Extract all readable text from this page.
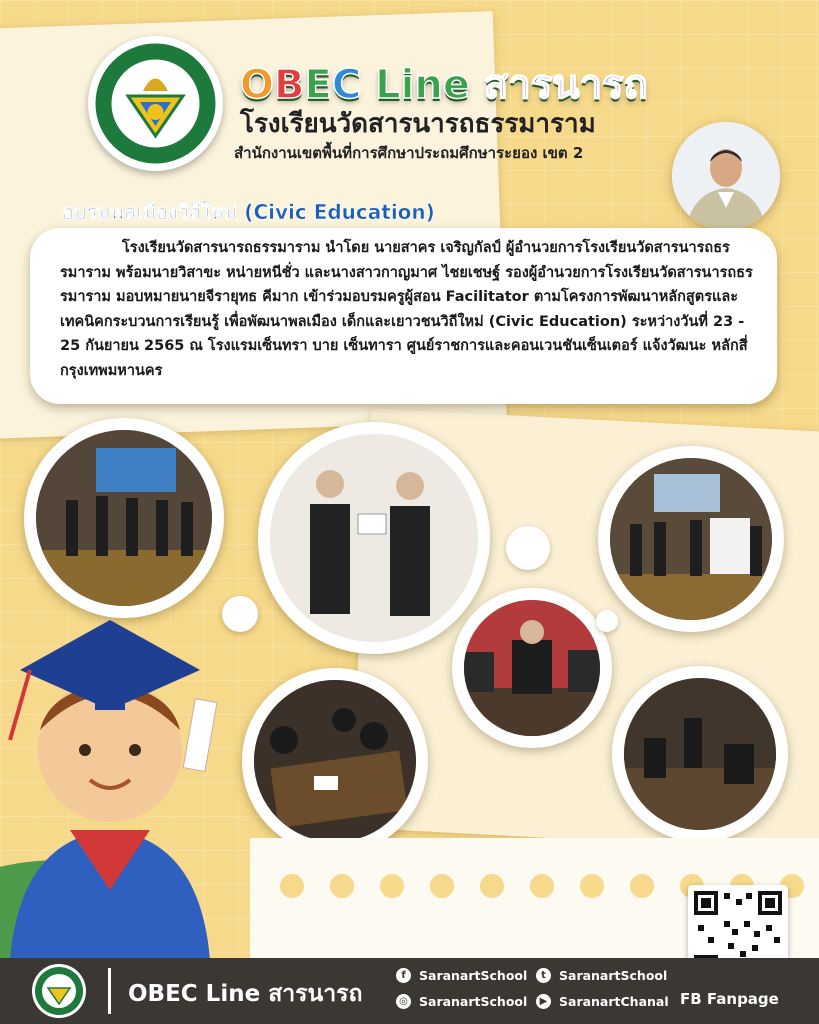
OBEC Line สารนารถ
โรงเรียนวัดสารนารถธรรมาราม
สำนักงานเขตพื้นที่การศึกษาประถมศึกษาระยอง เขต 2
อบรมพลเมืองวิถีใหม่ (Civic Education)

โรงเรียนวัดสารนารถธรรมาราม นำโดย นายสาคร เจริญกัลป์ ผู้อำนวยการโรงเรียนวัดสารนารถธรรมาราม พร้อมนายวิสาขะ หน่ายหนีชั่ว และนางสาวกาญมาศ ไชยเชษฐ์ รองผู้อำนวยการโรงเรียนวัดสารนารถธรรมาราม มอบหมายนายจีรายุทธ คีมาก เข้าร่วมอบรมครูผู้สอน Facilitator ตามโครงการพัฒนาหลักสูตรและเทคนิคกระบวนการเรียนรู้ เพื่อพัฒนาพลเมือง เด็กและเยาวชนวิถีใหม่ (Civic Education) ระหว่างวันที่ 23 - 25 กันยายน 2565 ณ โรงแรมเซ็นทรา บาย เซ็นทารา ศูนย์ราชการและคอนเวนชันเซ็นเตอร์ แจ้งวัฒนะ หลักสี่ กรุงเทพมหานคร

OBEC Line สารนารถ
f	SaranartSchool	t	SaranartSchool
◎ SaranartSchool	▶ SaranartChanal FB Fanpage
